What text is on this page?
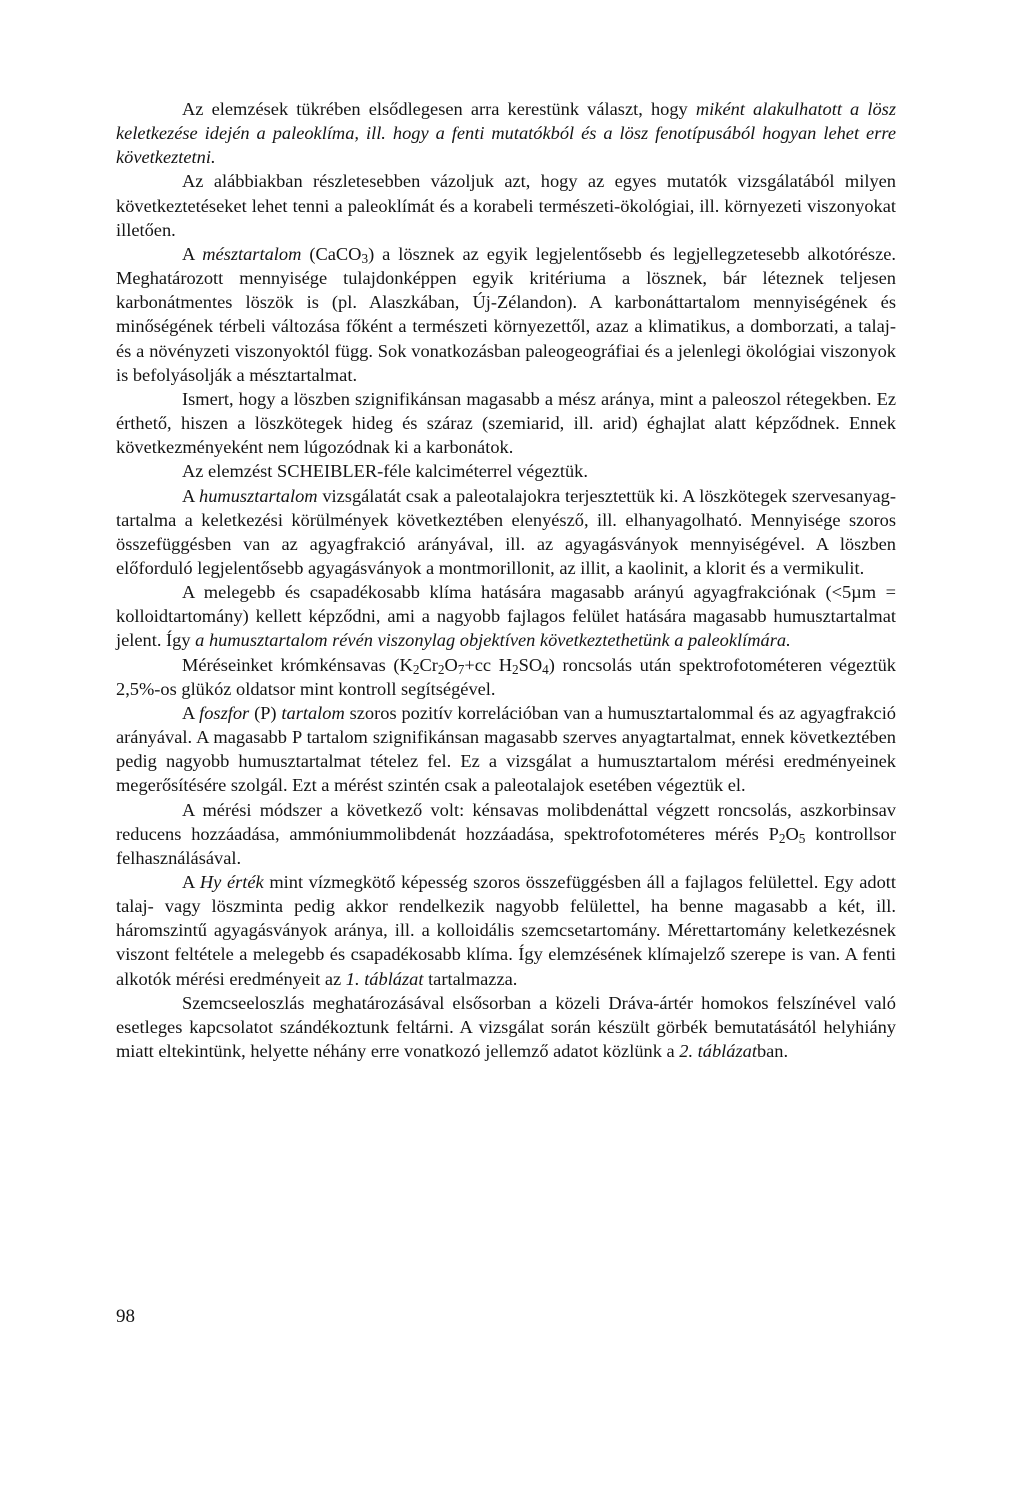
Az elemzések tükrében elsődlegesen arra kerestünk választ, hogy miként alakulhatott a lösz keletkezése idején a paleoklíma, ill. hogy a fenti mutatókból és a lösz fenotípusából hogyan lehet erre következtetni.

Az alábbiakban részletesebben vázoljuk azt, hogy az egyes mutatók vizsgálatából milyen következtetéseket lehet tenni a paleoklímát és a korabeli természeti-ökológiai, ill. környezeti viszonyokat illetően.

A mésztartalom (CaCO$_3$) a lösznek az egyik legjelentősebb és legjellegzetesebb alkotórésze. Meghatározott mennyisége tulajdonképpen egyik kritériuma a lösznek, bár léteznek teljesen karbonátmentes löszök is (pl. Alaszkában, Új-Zélandon). A karbonáttartalom mennyiségének és minőségének térbeli változása főként a természeti környezettől, azaz a klimatikus, a domborzati, a talaj- és a növényzeti viszonyoktól függ. Sok vonatkozásban paleogeográfiai és a jelenlegi ökológiai viszonyok is befolyásolják a mésztartalmat.

Ismert, hogy a löszben szignifikánsan magasabb a mész aránya, mint a paleoszol rétegekben. Ez érthető, hiszen a löszkötegek hideg és száraz (szemiarid, ill. arid) éghajlat alatt képződnek. Ennek következményeként nem lúgozódnak ki a karbonátok.

Az elemzést SCHEIBLER-féle kalciméterrel végeztük.

A humusztartalom vizsgálatát csak a paleotalajokra terjesztettük ki. A löszkötegek szervesanyag-tartalma a keletkezési körülmények következtében elenyésző, ill. elhanyagolható. Mennyisége szoros összefüggésben van az agyagfrakció arányával, ill. az agyagásványok mennyiségével. A löszben előforduló legjelentősebb agyagásványok a montmorillonit, az illit, a kaolinit, a klorit és a vermikulit.

A melegebb és csapadékosabb klíma hatására magasabb arányú agyagfrakciónak (<5µm = kolloidtartomány) kellett képződni, ami a nagyobb fajlagos felület hatására magasabb humusztartalmat jelent. Így a humusztartalom révén viszonylag objektíven következtethetünk a paleoklímára.

Méréseinket krómkénsavas ($K_2Cr_2O_7+cc$ $H_2SO_4$) roncsolás után spektrofotométeren végeztük 2,5%-os glükóz oldatsor mint kontroll segítségével.

A foszfor (P) tartalom szoros pozitív korrelációban van a humusztartalommal és az agyagfrakció arányával. A magasabb P tartalom szignifikánsan magasabb szerves anyagtartalmat, ennek következtében pedig nagyobb humusztartalmat tételez fel. Ez a vizsgálat a humusztartalom mérési eredményeinek megerősítésére szolgál. Ezt a mérést szintén csak a paleotalajok esetében végeztük el.

A mérési módszer a következő volt: kénsavas molibdenáttal végzett roncsolás, aszkorbinsav reducens hozzáadása, ammóniummolibdenát hozzáadása, spektrofotométeres mérés $P_2O_5$ kontrollsor felhasználásával.

A Hy érték mint vízmegkötő képesség szoros összefüggésben áll a fajlagos felülettel. Egy adott talaj- vagy löszminta pedig akkor rendelkezik nagyobb felülettel, ha benne magasabb a két, ill. háromszintű agyagásványok aránya, ill. a kolloidális szemcsetartomány. Mérettartomány keletkezésnek viszont feltétele a melegebb és csapadékosabb klíma. Így elemzésének klímajelző szerepe is van. A fenti alkotók mérési eredményeit az 1. táblázat tartalmazza.

Szemcseeloszlás meghatározásával elsősorban a közeli Dráva-ártér homokos felszínével való esetleges kapcsolatot szándékoztunk feltárni. A vizsgálat során készült görbék bemutatásától helyhiány miatt eltekintünk, helyette néhány erre vonatkozó jellemző adatot közlünk a 2. táblázatban.

98
